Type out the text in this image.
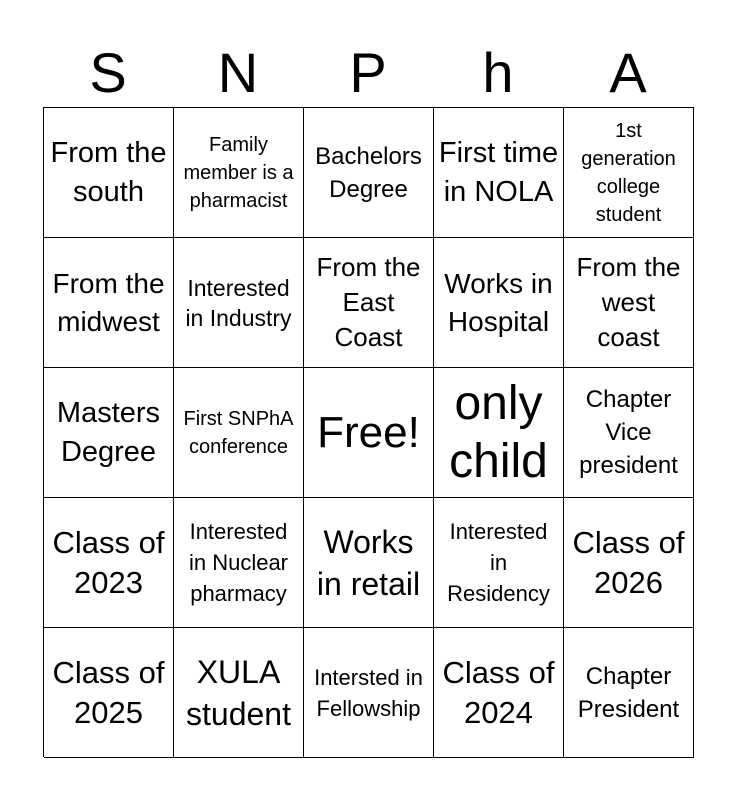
S	N	P	h	A
From the south
Family member is a pharmacist
Bachelors Degree
First time in NOLA
1st generation college student
From the midwest
Interested in Industry
From the East Coast
Works in Hospital
From the west coast
Masters Degree
First SNPhA conference Free!
only child
Chapter Vice president
Class of 2023
Interested in Nuclear pharmacy
Works in retail
Interested in Residency
Class of 2026
Class of 2025
XULA student
Intersted in Fellowship
Class of 2024
Chapter President
